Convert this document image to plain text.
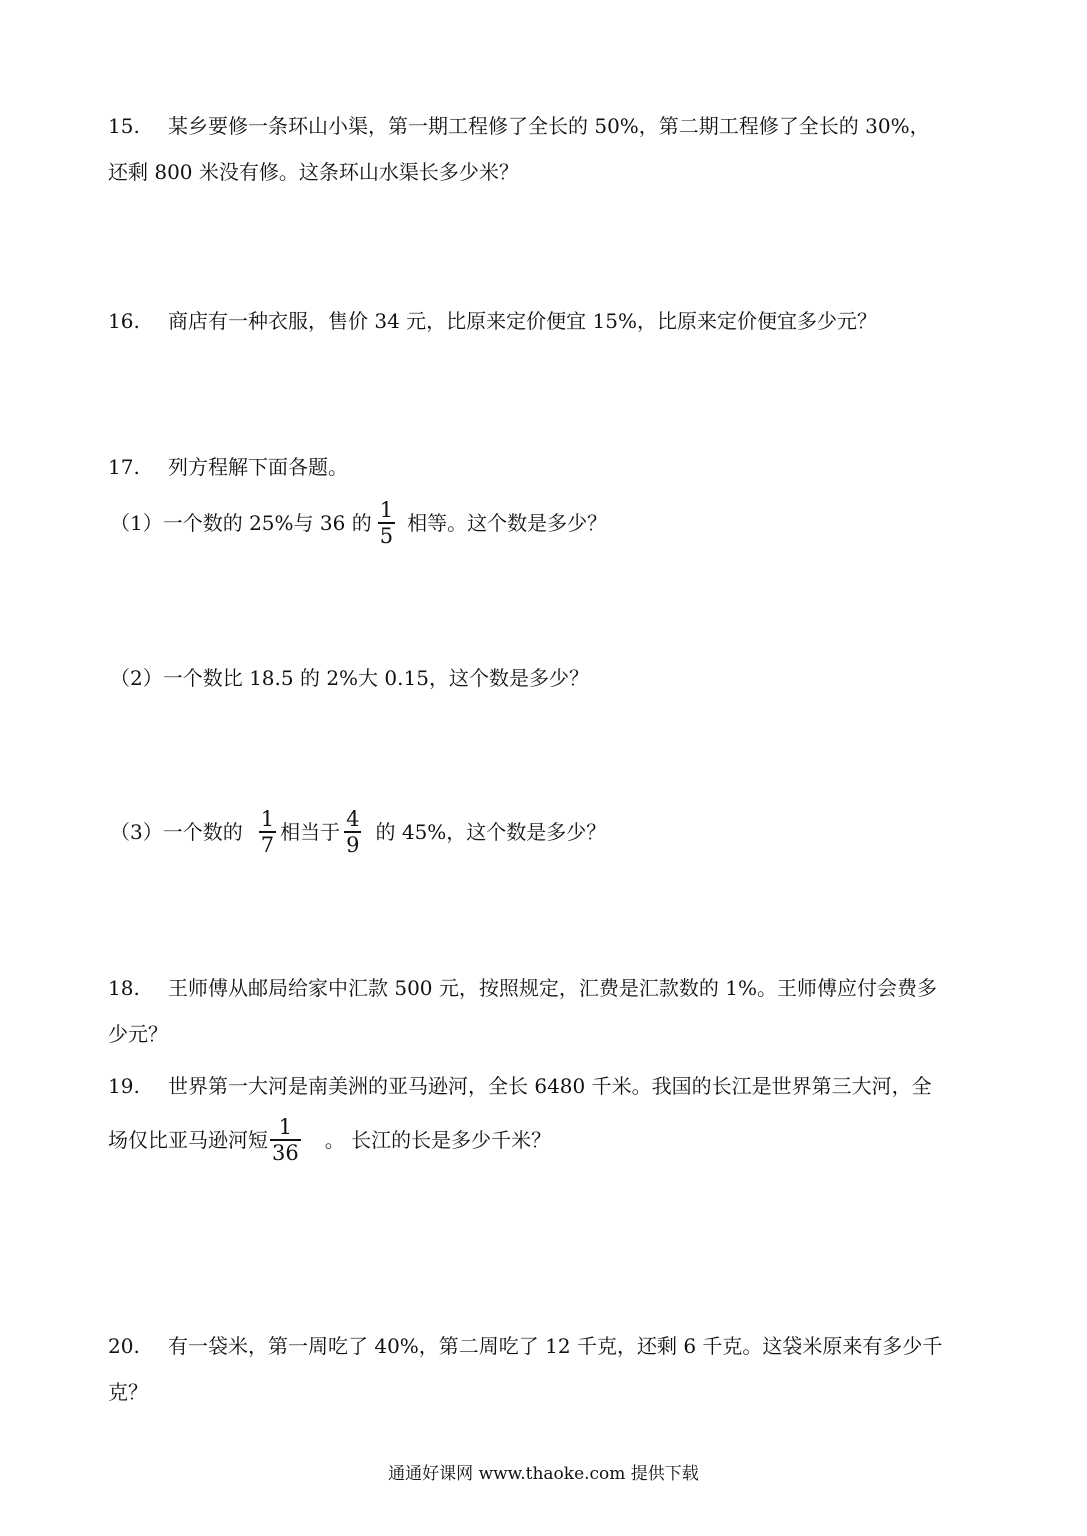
15. 某乡要修一条环山小渠，第一期工程修了全长的 50%，第二期工程修了全长的 30%，
还剩 800 米没有修。这条环山水渠长多少米？
16. 商店有一种衣服，售价 34 元，比原来定价便宜 15%，比原来定价便宜多少元？
17. 列方程解下面各题。
（1）一个数的 25%与 36 的 $\frac{1}{5}$ 相等。这个数是多少？
（2）一个数比 18.5 的 2%大 0.15，这个数是多少？
（3）一个数的 $\frac{1}{7}$ 相当于 $\frac{4}{9}$ 的 45%，这个数是多少？
18. 王师傅从邮局给家中汇款 500 元，按照规定，汇费是汇款数的 1%。王师傅应付会费多
少元？
19. 世界第一大河是南美洲的亚马逊河，全长 6480 千米。我国的长江是世界第三大河，全
场仅比亚马逊河短 $\frac{1}{36}$ 。 长江的长是多少千米？
20. 有一袋米，第一周吃了 40%，第二周吃了 12 千克，还剩 6 千克。这袋米原来有多少千
克？
通通好课网 www.thaoke.com 提供下载
